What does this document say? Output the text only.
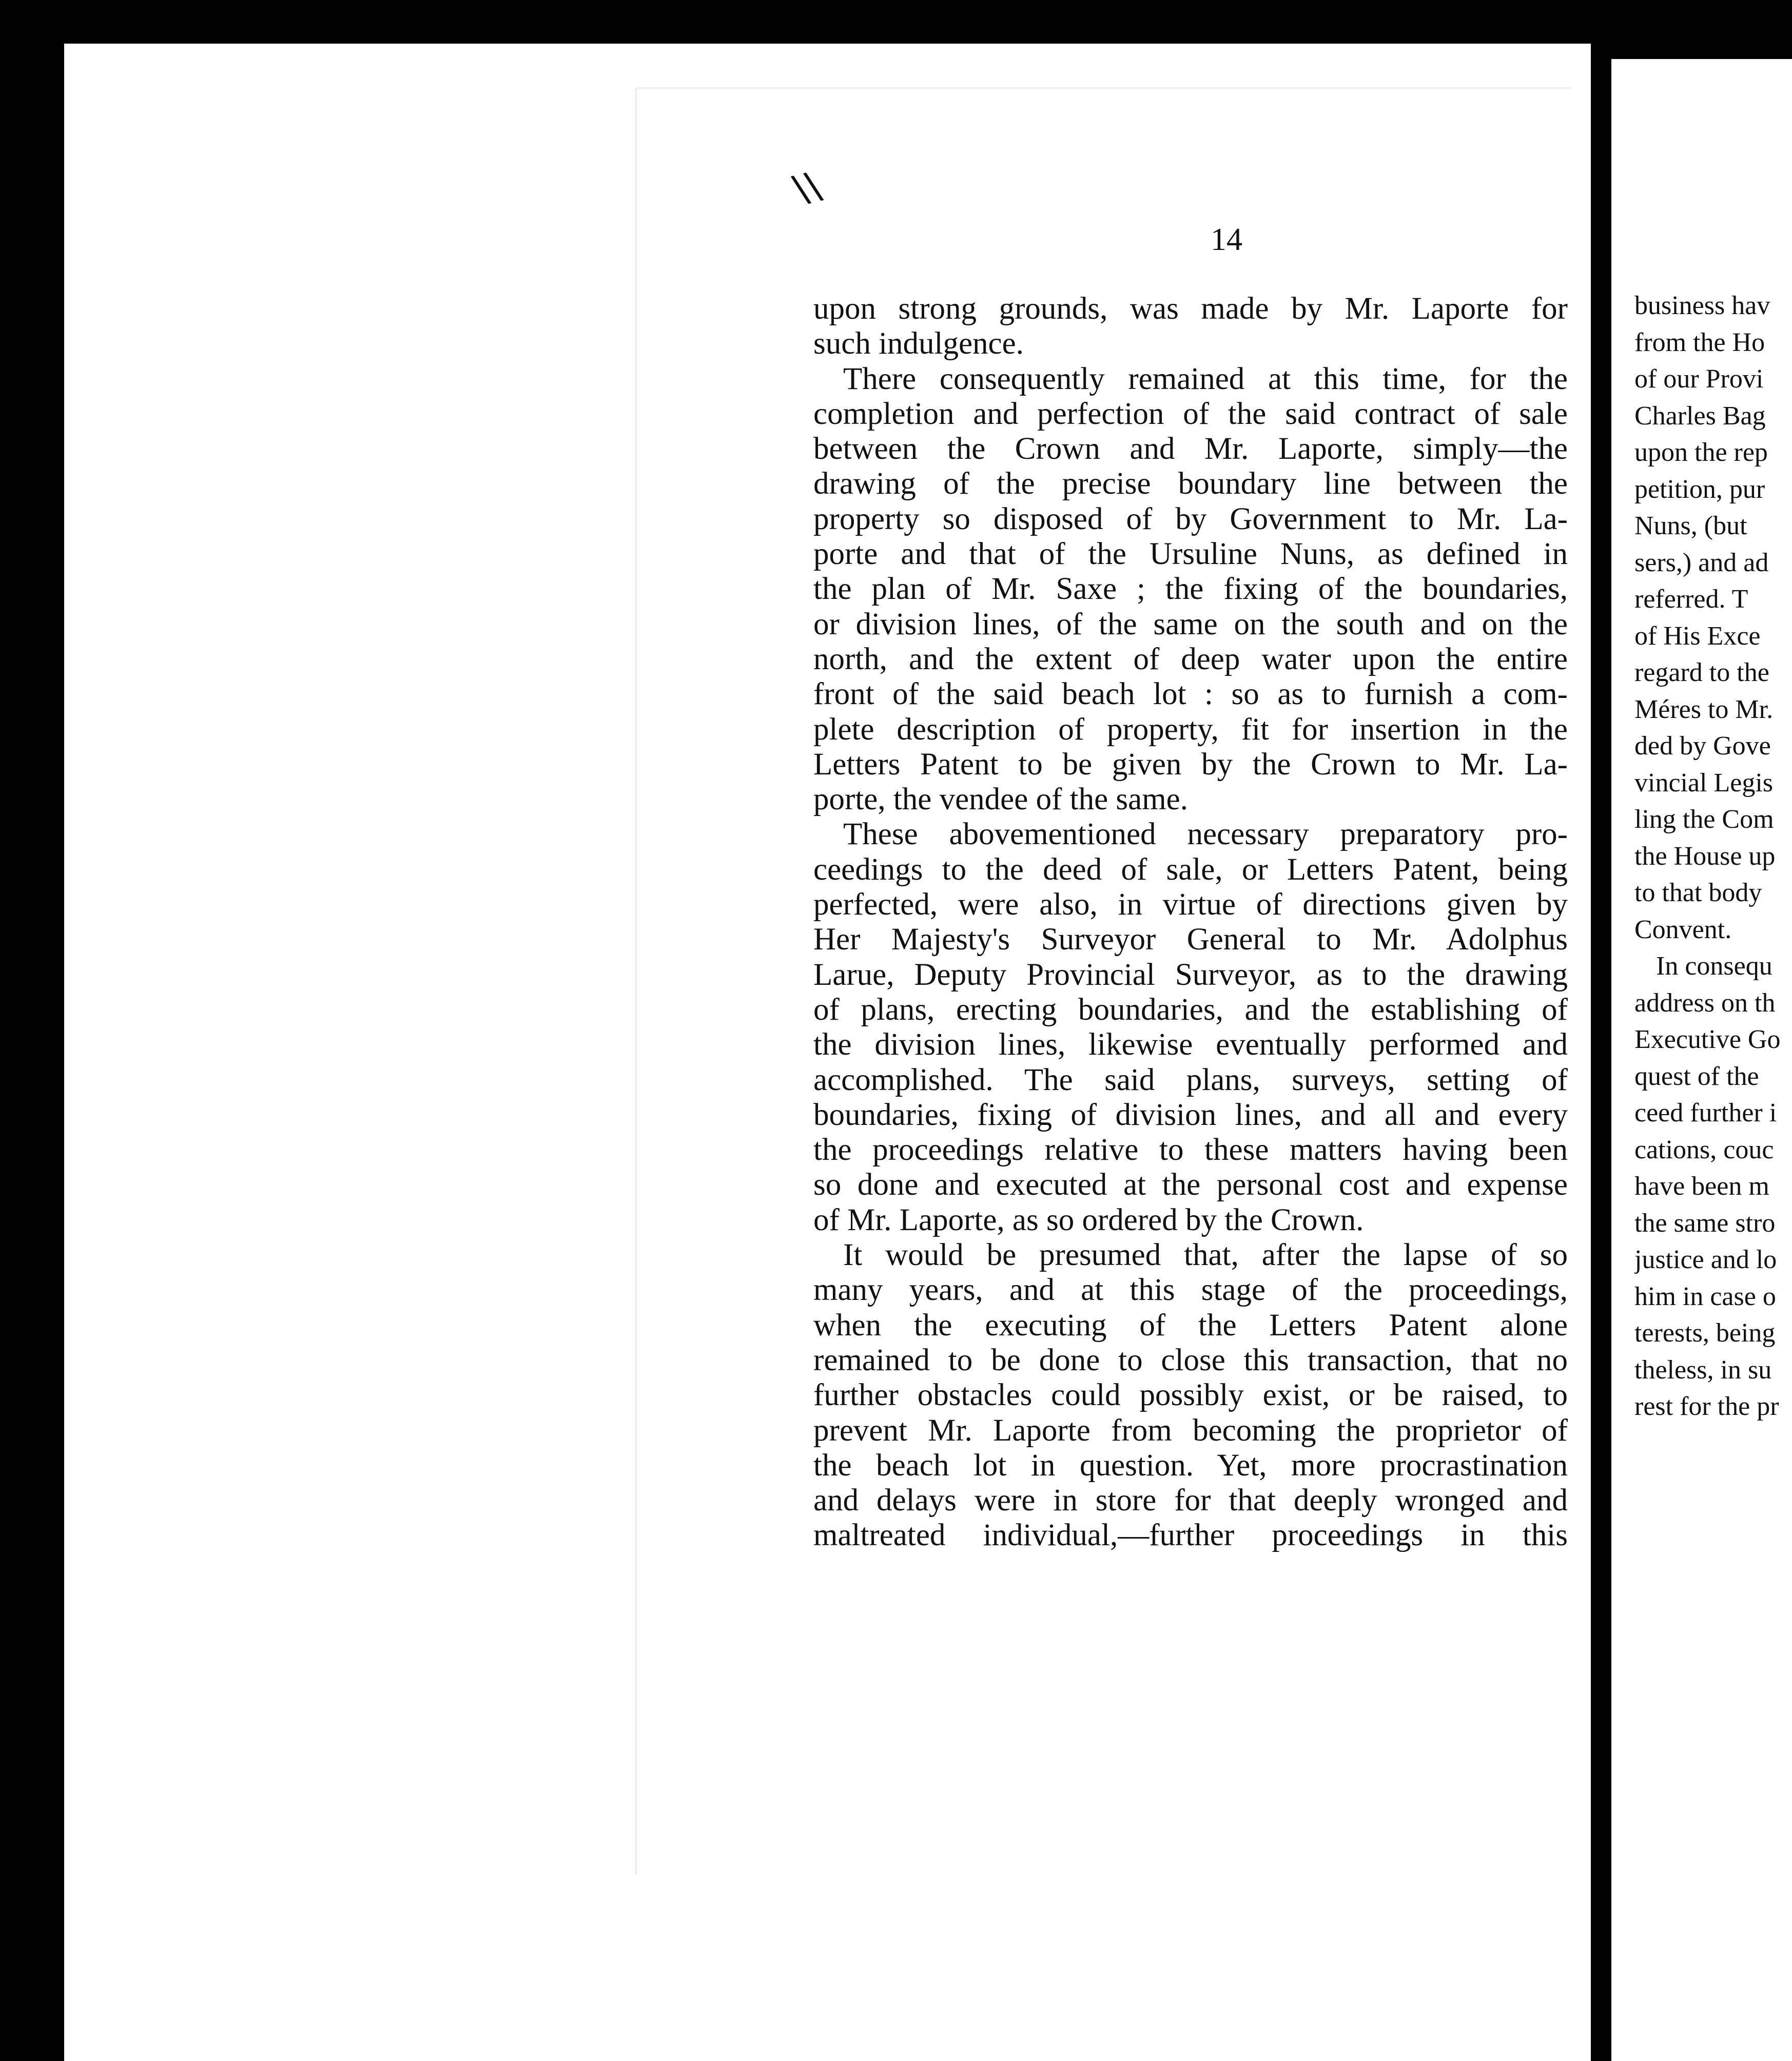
\\
14
upon strong grounds, was made by Mr. Laporte for
such indulgence.
There consequently remained at this time, for the
completion and perfection of the said contract of sale
between the Crown and Mr. Laporte, simply—the
drawing of the precise boundary line between the
property so disposed of by Government to Mr. La-
porte and that of the Ursuline Nuns, as defined in
the plan of Mr. Saxe ; the fixing of the boundaries,
or division lines, of the same on the south and on the
north, and the extent of deep water upon the entire
front of the said beach lot : so as to furnish a com-
plete description of property, fit for insertion in the
Letters Patent to be given by the Crown to Mr. La-
porte, the vendee of the same.
These abovementioned necessary preparatory pro-
ceedings to the deed of sale, or Letters Patent, being
perfected, were also, in virtue of directions given by
Her Majesty's Surveyor General to Mr. Adolphus
Larue, Deputy Provincial Surveyor, as to the drawing
of plans, erecting boundaries, and the establishing of
the division lines, likewise eventually performed and
accomplished. The said plans, surveys, setting of
boundaries, fixing of division lines, and all and every
the proceedings relative to these matters having been
so done and executed at the personal cost and expense
of Mr. Laporte, as so ordered by the Crown.
It would be presumed that, after the lapse of so
many years, and at this stage of the proceedings,
when the executing of the Letters Patent alone
remained to be done to close this transaction, that no
further obstacles could possibly exist, or be raised, to
prevent Mr. Laporte from becoming the proprietor of
the beach lot in question. Yet, more procrastination
and delays were in store for that deeply wronged and
maltreated individual,—further proceedings in this
business hav
from the Ho
of our Provi
Charles Bag
upon the rep
petition, pur
Nuns, (but
sers,) and ad
referred. T
of His Exce
regard to the
Méres to Mr.
ded by Gove
vincial Legis
ling the Com
the House up
to that body
Convent.
In consequ
address on th
Executive Go
quest of the
ceed further i
cations, couc
have been m
the same stro
justice and lo
him in case o
terests, being
theless, in su
rest for the pr
